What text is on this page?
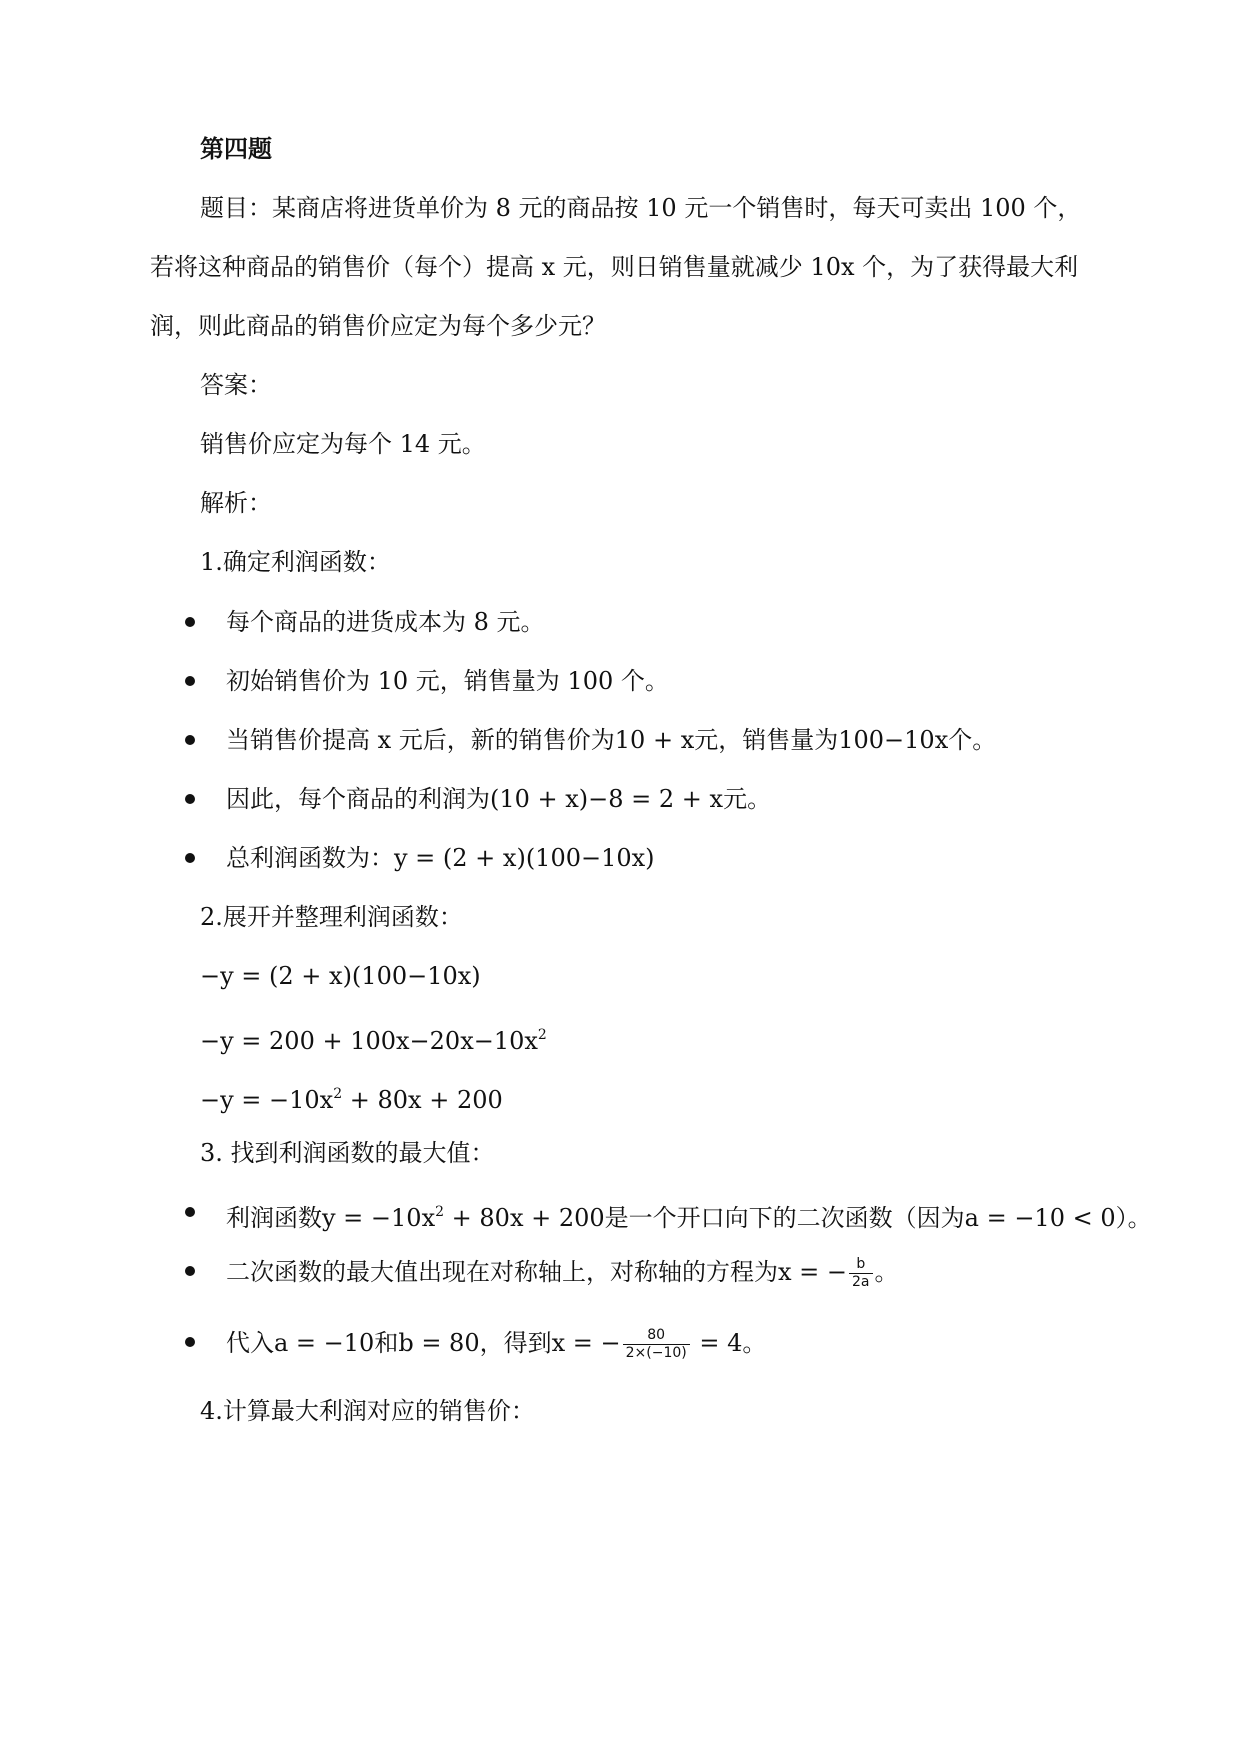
第四题
题目：某商店将进货单价为 8 元的商品按 10 元一个销售时，每天可卖出 100 个，
若将这种商品的销售价（每个）提高 x 元，则日销售量就减少 10x 个，为了获得最大利
润，则此商品的销售价应定为每个多少元？
答案：
销售价应定为每个 14 元。
解析：
1.确定利润函数：
每个商品的进货成本为 8 元。
初始销售价为 10 元，销售量为 100 个。
当销售价提高 x 元后，新的销售价为10 + x元，销售量为100−10x个。
因此，每个商品的利润为(10 + x)−8 = 2 + x元。
总利润函数为：y = (2 + x)(100−10x)
2.展开并整理利润函数：
−y = (2 + x)(100−10x)
$-y = 200 + 100x-20x-10x^2$
$-y = -10x^2 + 80x + 200$
3. 找到利润函数的最大值：
利润函数$y = -10x^2 + 80x + 200$是一个开口向下的二次函数（因为a = −10 < 0）。
二次函数的最大值出现在对称轴上，对称轴的方程为x = − $\frac{b}{2a}$ 。
代入a = −10和b = 80，得到x = − $\frac{80}{2\times(-10)} = 4$。
4.计算最大利润对应的销售价：
